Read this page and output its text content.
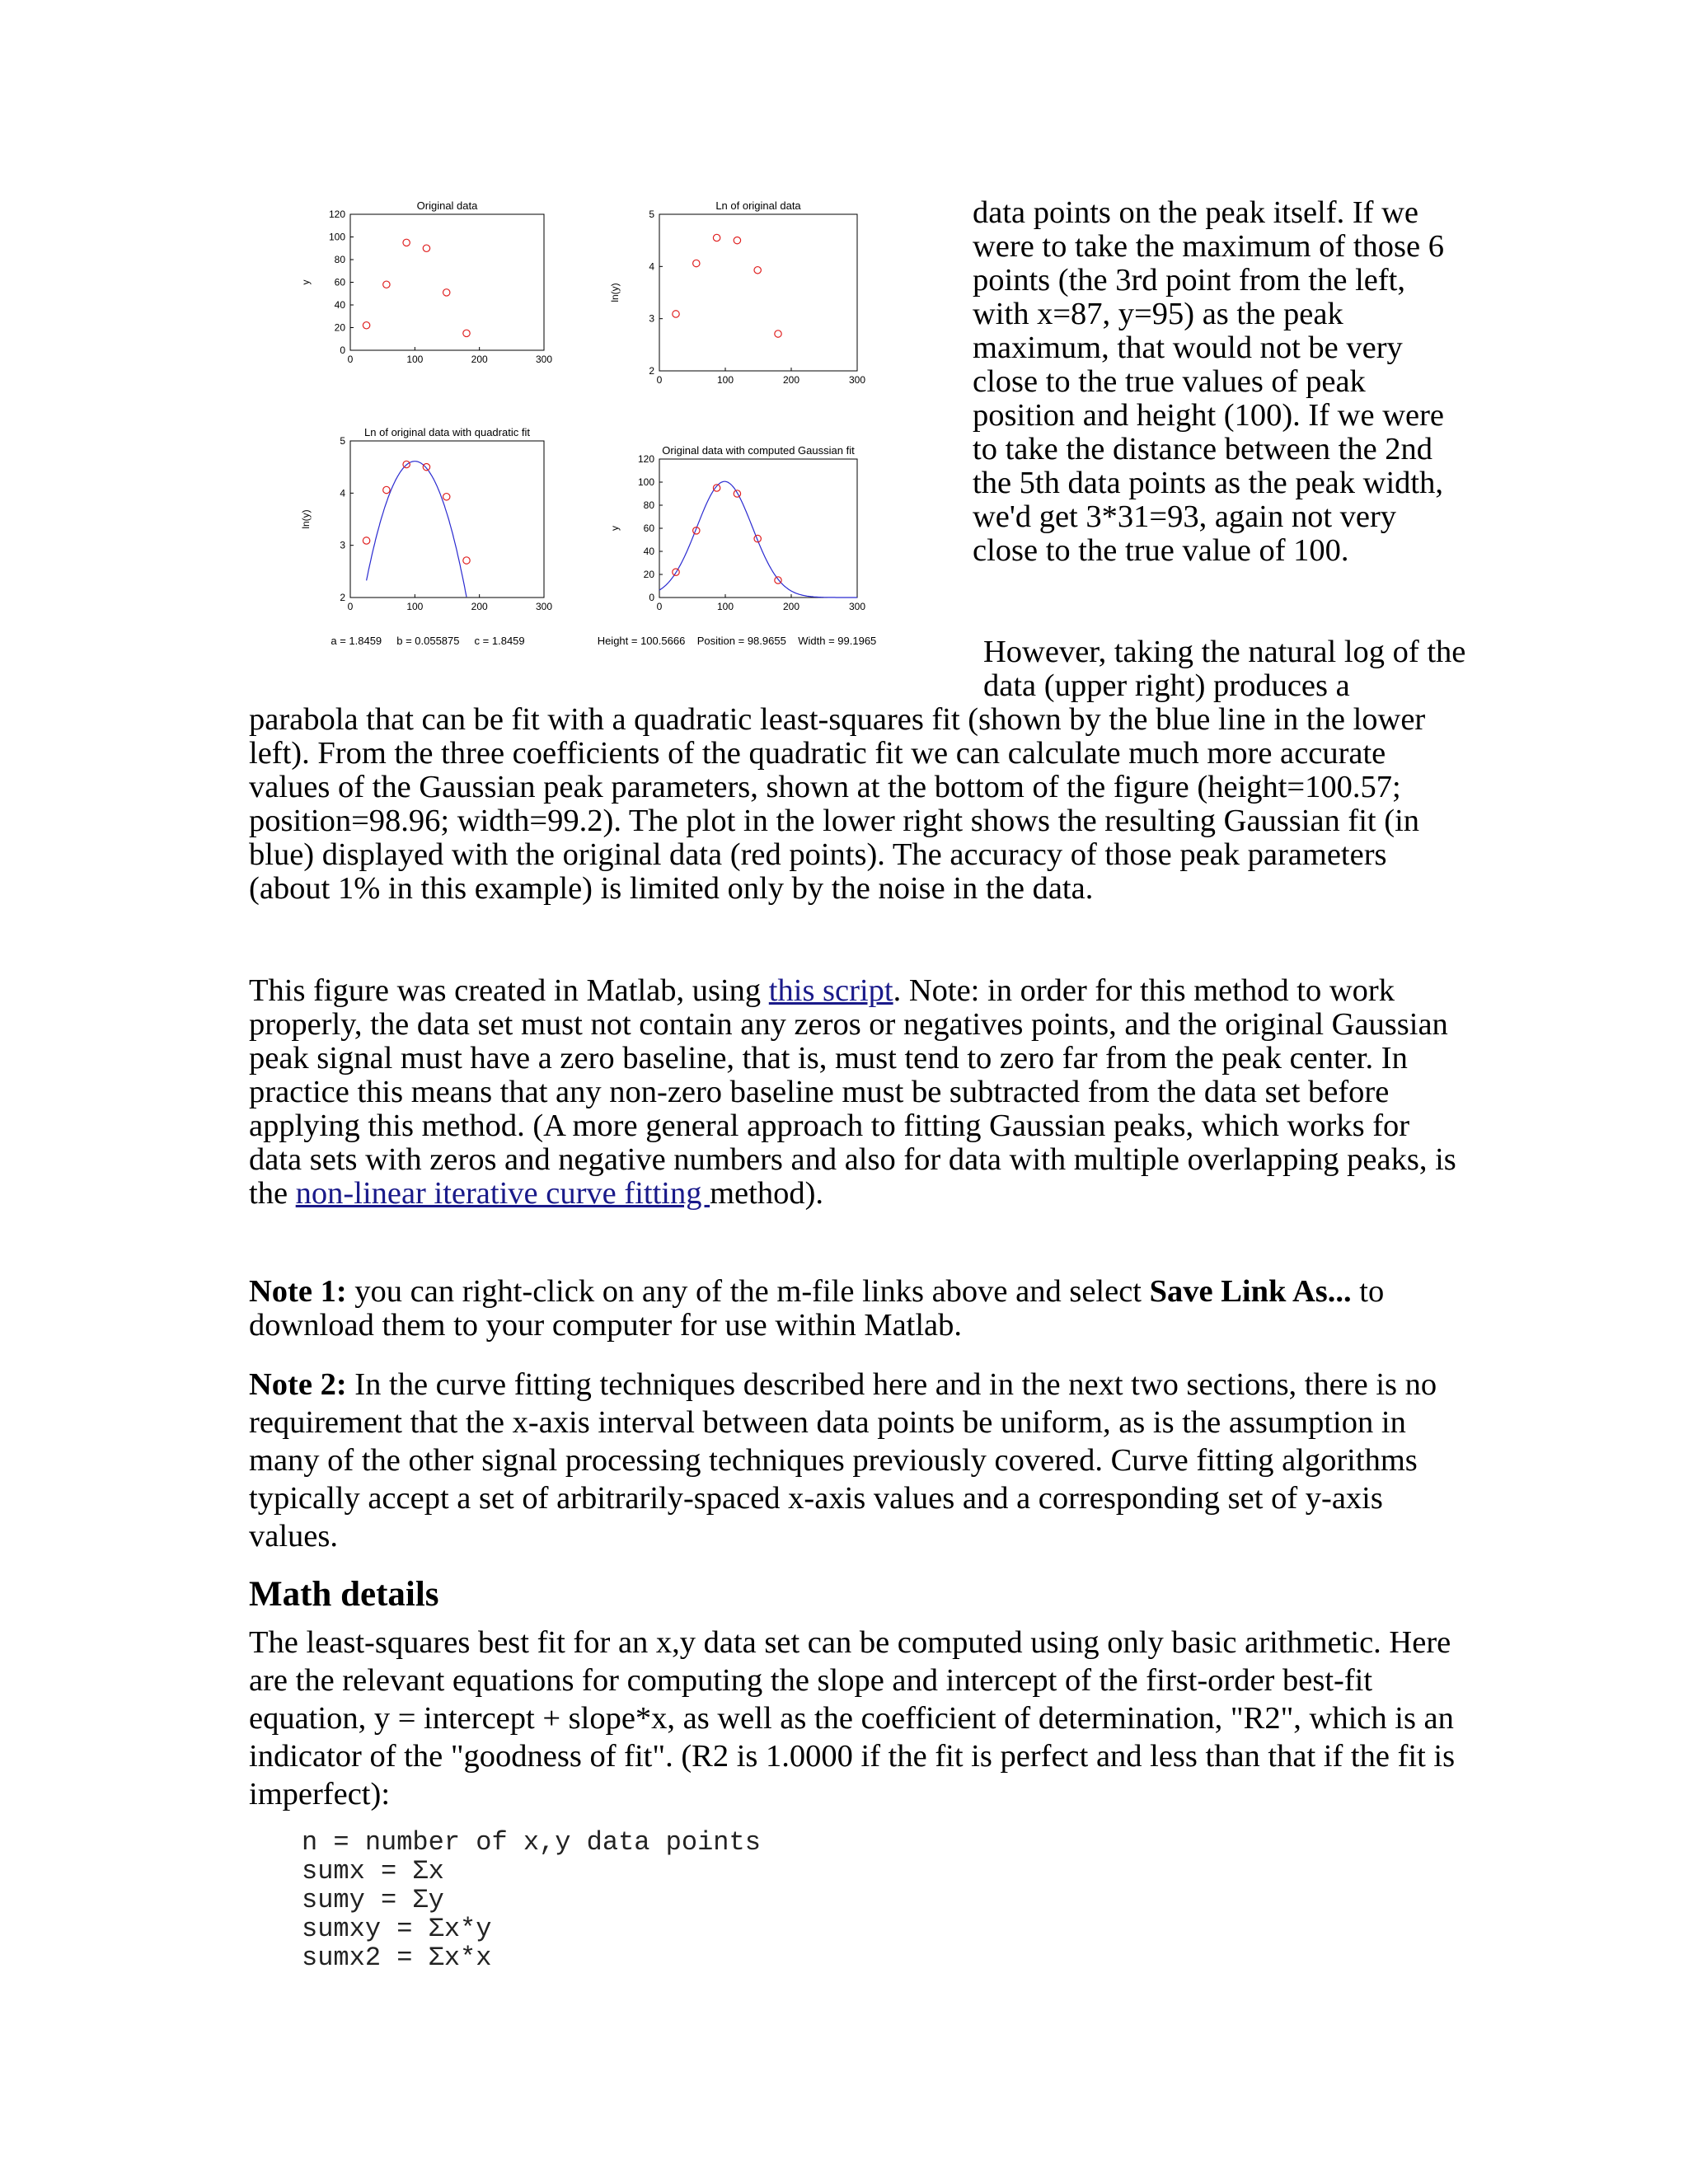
Original data
y
0	100	200	300
120
100
80
60
40
20
0
Ln of original data
ln(y)
0	100	200	300
5
4
3
2
Ln of original data with quadratic fit
ln(y)
0	100	200	300
5
4
3
2
Original data with computed Gaussian fit
y
0	100	200	300
120
100
80
60
40
20
0
a = 1.8459     b = 0.055875     c = 1.8459	Height = 100.5666    Position = 98.9655    Width = 99.1965

data points on the peak itself. If we were to take the maximum of those 6 points (the 3rd point from the left, with x=87, y=95) as the peak maximum, that would not be very close to the true values of peak position and height (100). If we were to take the distance between the 2nd the 5th data points as the peak width, we'd get 3*31=93, again not very close to the true value of 100.

However, taking the natural log of the data (upper right) produces a
parabola that can be fit with a quadratic least-squares fit (shown by the blue line in the lower left). From the three coefficients of the quadratic fit we can calculate much more accurate values of the Gaussian peak parameters, shown at the bottom of the figure (height=100.57; position=98.96; width=99.2). The plot in the lower right shows the resulting Gaussian fit (in blue) displayed with the original data (red points). The accuracy of those peak parameters (about 1% in this example) is limited only by the noise in the data.

This figure was created in Matlab, using this script. Note: in order for this method to work properly, the data set must not contain any zeros or negatives points, and the original Gaussian peak signal must have a zero baseline, that is, must tend to zero far from the peak center. In practice this means that any non-zero baseline must be subtracted from the data set before applying this method. (A more general approach to fitting Gaussian peaks, which works for data sets with zeros and negative numbers and also for data with multiple overlapping peaks, is the non-linear iterative curve fitting method).

Note 1: you can right-click on any of the m-file links above and select Save Link As... to download them to your computer for use within Matlab.

Note 2: In the curve fitting techniques described here and in the next two sections, there is no requirement that the x-axis interval between data points be uniform, as is the assumption in many of the other signal processing techniques previously covered. Curve fitting algorithms typically accept a set of arbitrarily-spaced x-axis values and a corresponding set of y-axis values.

Math details

The least-squares best fit for an x,y data set can be computed using only basic arithmetic. Here are the relevant equations for computing the slope and intercept of the first-order best-fit equation, y = intercept + slope*x, as well as the coefficient of determination, "R2", which is an indicator of the "goodness of fit". (R2 is 1.0000 if the fit is perfect and less than that if the fit is imperfect):

n = number of x,y data points
sumx = Σx
sumy = Σy
sumxy = Σx*y
sumx2 = Σx*x
